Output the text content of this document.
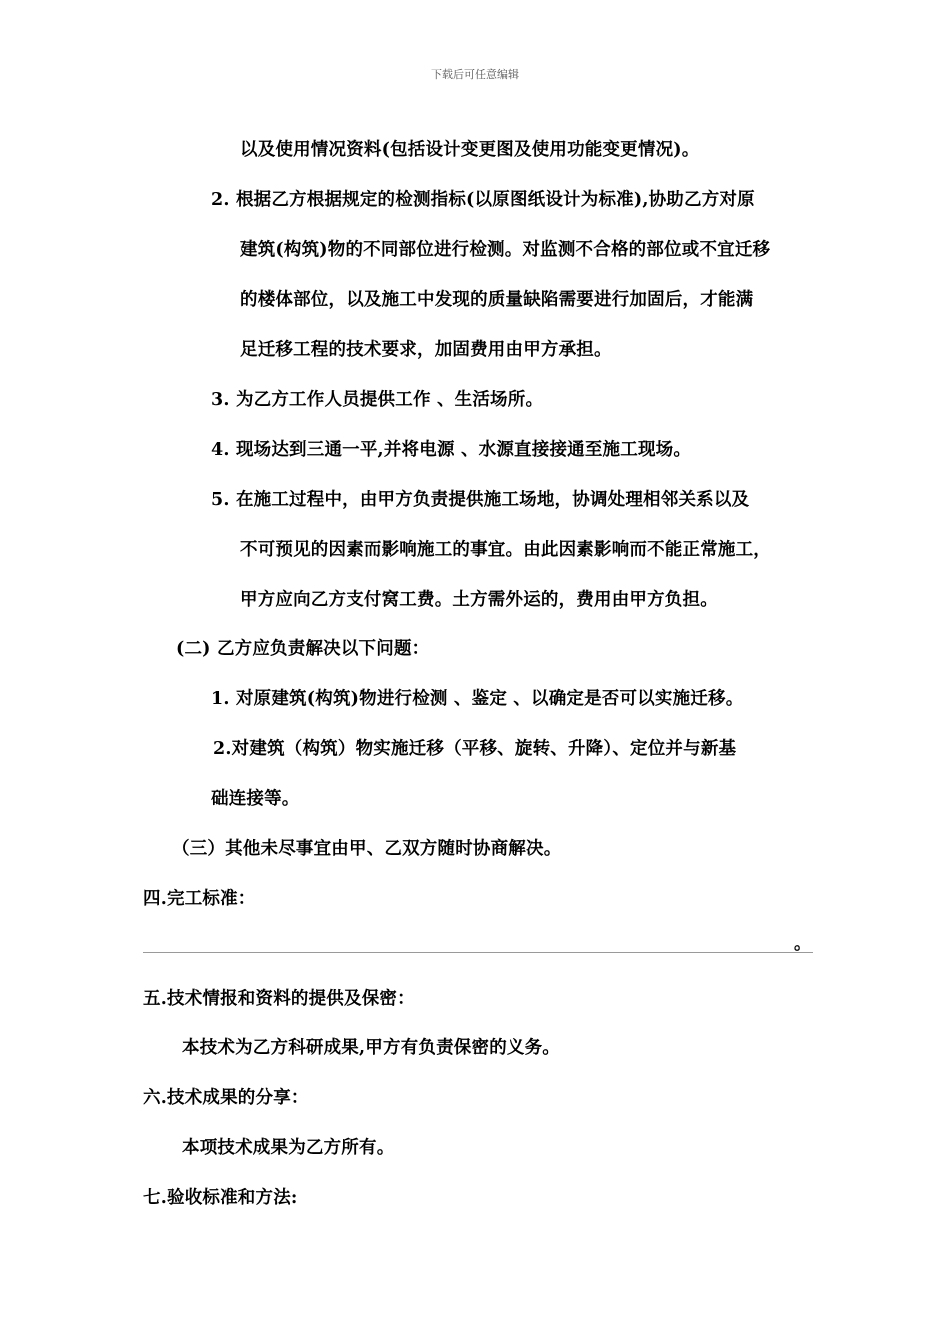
下载后可任意编辑
以及使用情况资料(包括设计变更图及使用功能变更情况)。
2. 根据乙方根据规定的检测指标(以原图纸设计为标准),协助乙方对原
建筑(构筑)物的不同部位进行检测。对监测不合格的部位或不宜迁移
的楼体部位，以及施工中发现的质量缺陷需要进行加固后，才能满
足迁移工程的技术要求，加固费用由甲方承担。
3. 为乙方工作人员提供工作 、生活场所。
4. 现场达到三通一平,并将电源 、水源直接接通至施工现场。
5. 在施工过程中，由甲方负责提供施工场地，协调处理相邻关系以及
不可预见的因素而影响施工的事宜。由此因素影响而不能正常施工，
甲方应向乙方支付窝工费。土方需外运的，费用由甲方负担。
(二) 乙方应负责解决以下问题：
1. 对原建筑(构筑)物进行检测 、鉴定 、以确定是否可以实施迁移。
2.对建筑（构筑）物实施迁移（平移、旋转、升降）、定位并与新基
础连接等。
（三）其他未尽事宜由甲、乙双方随时协商解决。
四.完工标准：
。
五.技术情报和资料的提供及保密：
本技术为乙方科研成果,甲方有负责保密的义务。
六.技术成果的分享：
本项技术成果为乙方所有。
七.验收标准和方法:
